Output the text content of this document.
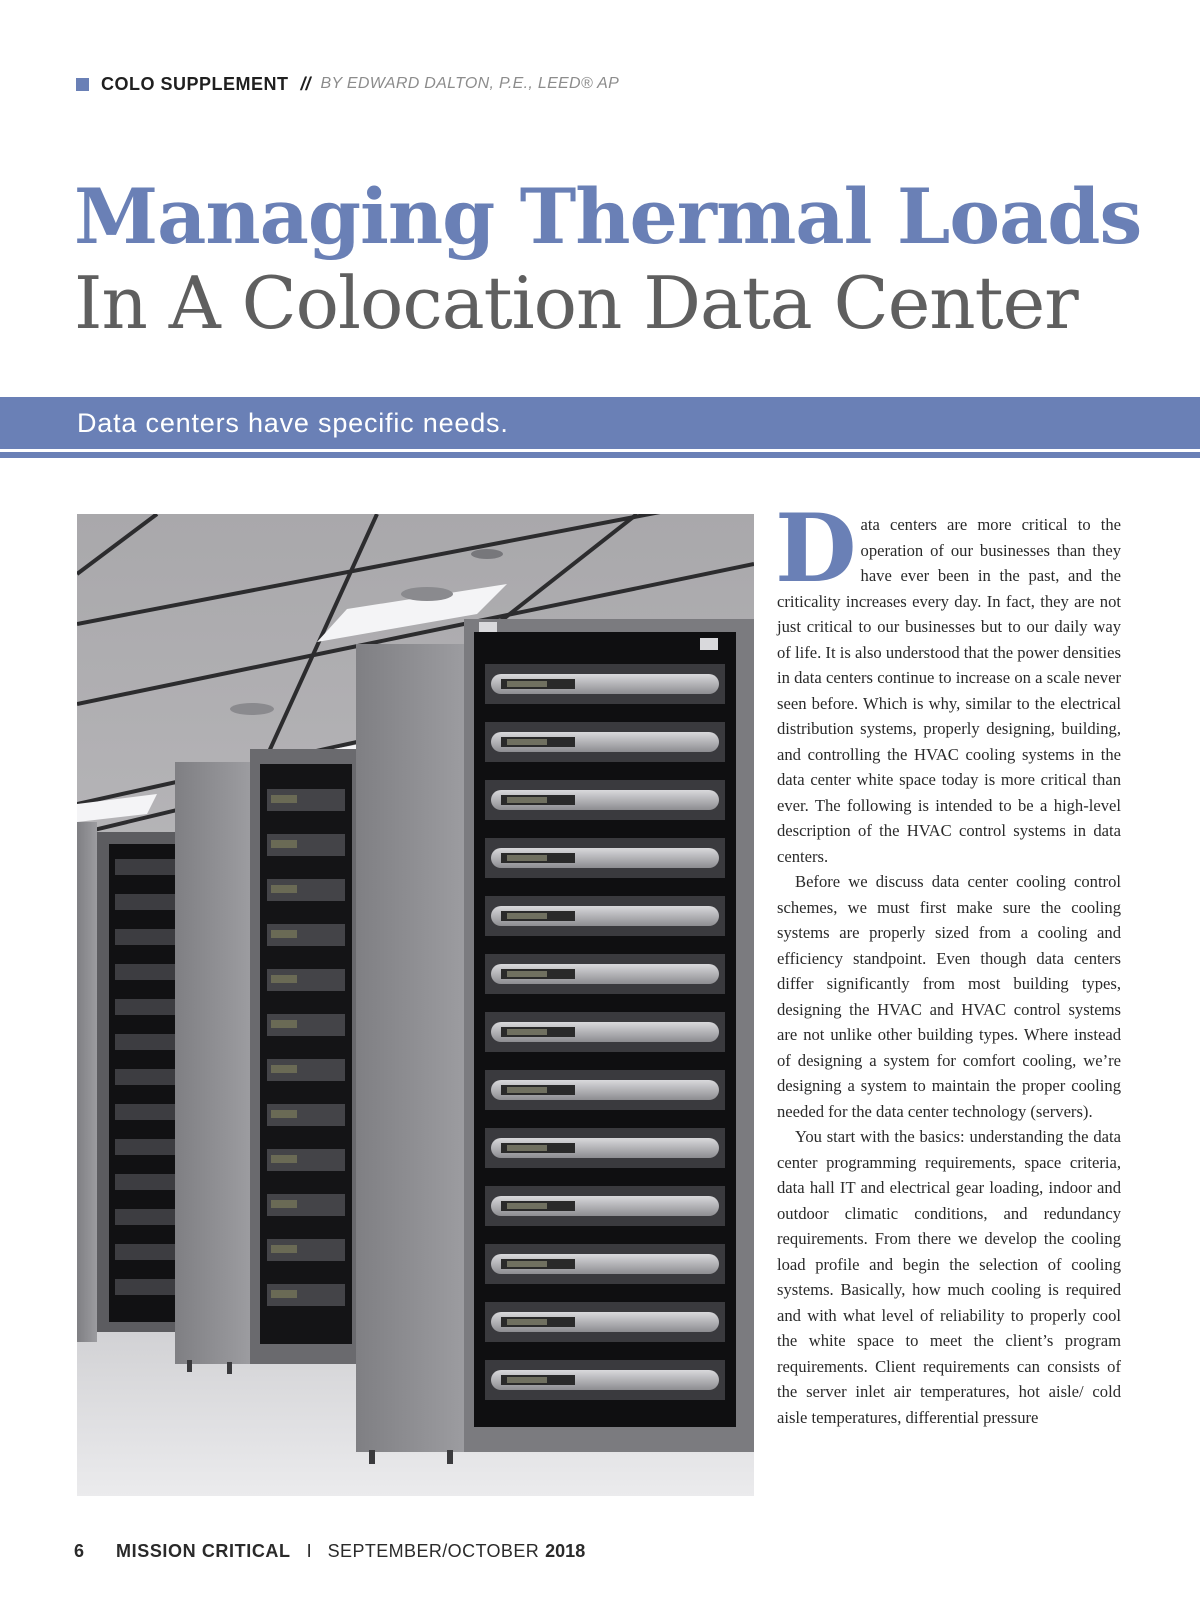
COLO SUPPLEMENT // BY EDWARD DALTON, P.E., LEED® AP
Managing Thermal Loads
In A Colocation Data Center
Data centers have specific needs.

Data centers are more critical to the operation of our businesses than they have ever been in the past, and the criticality increases every day. In fact, they are not just critical to our businesses but to our daily way of life. It is also understood that the power densities in data centers continue to increase on a scale never seen before. Which is why, similar to the electrical distribution systems, properly designing, building, and controlling the HVAC cooling systems in the data center white space today is more critical than ever. The following is intended to be a high-level description of the HVAC control systems in data centers.

Before we discuss data center cooling control schemes, we must first make sure the cooling systems are properly sized from a cooling and efficiency standpoint. Even though data centers differ significantly from most building types, designing the HVAC and HVAC control systems are not unlike other building types. Where instead of designing a system for comfort cooling, we’re designing a system to maintain the proper cooling needed for the data center technology (servers).

You start with the basics: understanding the data center programming requirements, space criteria, data hall IT and electrical gear loading, indoor and outdoor climatic conditions, and redundancy requirements. From there we develop the cooling load profile and begin the selection of cooling systems. Basically, how much cooling is required and with what level of reliability to properly cool the white space to meet the client’s program requirements. Client requirements can consists of the server inlet air temperatures, hot aisle/ cold aisle temperatures, differential pressure

6 MISSION CRITICAL I SEPTEMBER/OCTOBER 2018
